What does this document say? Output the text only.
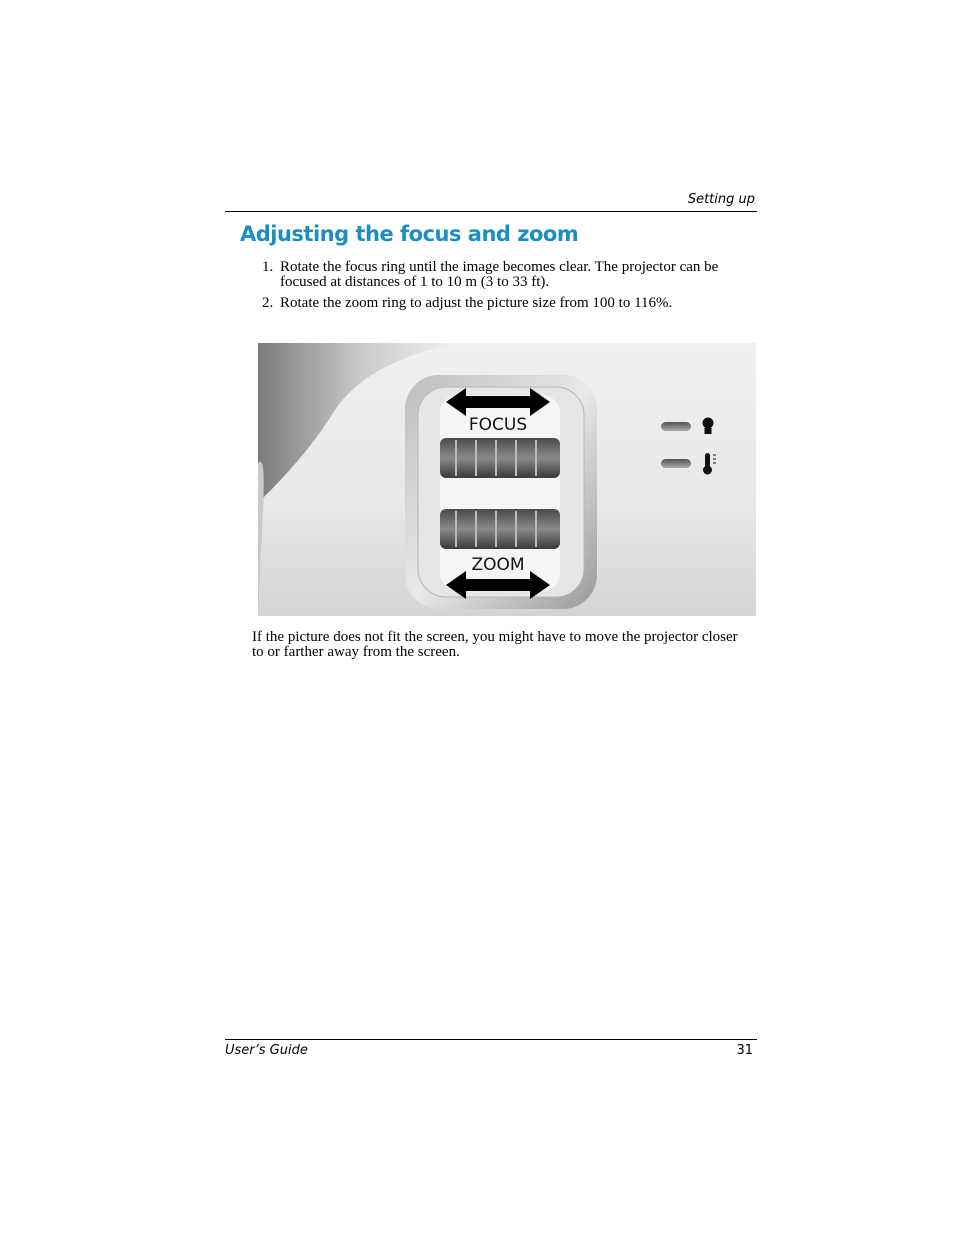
Setting up
Adjusting the focus and zoom
1. Rotate the focus ring until the image becomes clear. The projector can be
focused at distances of 1 to 10 m (3 to 33 ft).
2. Rotate the zoom ring to adjust the picture size from 100 to 116%.
FOCUS
ZOOM
If the picture does not fit the screen, you might have to move the projector closer
to or farther away from the screen.
User’s Guide	31
